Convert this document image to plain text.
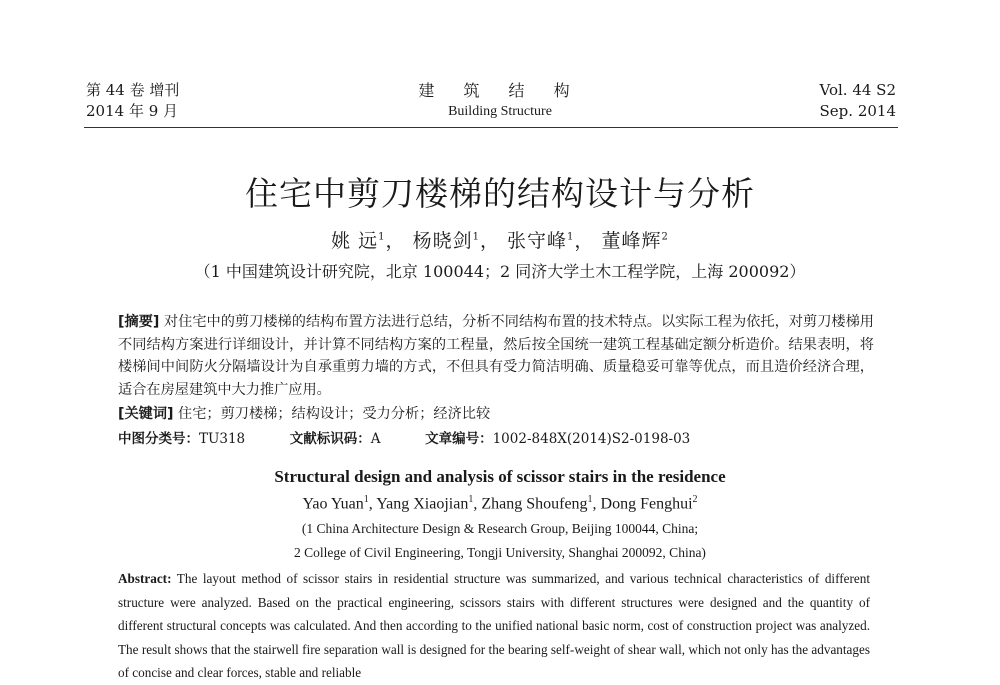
第 44 卷 增刊
2014 年 9 月
建 筑 结 构
Building Structure
Vol. 44 S2
Sep. 2014
住宅中剪刀楼梯的结构设计与分析
姚 远$^1$， 杨晓剑$^1$， 张守峰$^1$， 董峰辉$^2$
（1 中国建筑设计研究院，北京 100044；2 同济大学土木工程学院，上海 200092）
[摘要] 对住宅中的剪刀楼梯的结构布置方法进行总结，分析不同结构布置的技术特点。以实际工程为依托，对剪刀楼梯用不同结构方案进行详细设计，并计算不同结构方案的工程量，然后按全国统一建筑工程基础定额分析造价。结果表明，将楼梯间中间防火分隔墙设计为自承重剪力墙的方式，不但具有受力简洁明确、质量稳妥可靠等优点，而且造价经济合理，适合在房屋建筑中大力推广应用。
[关键词] 住宅；剪刀楼梯；结构设计；受力分析；经济比较
中图分类号：TU318	文献标识码：A	文章编号：1002-848X(2014)S2-0198-03
Structural design and analysis of scissor stairs in the residence
Yao Yuan$^1$, Yang Xiaojian$^1$, Zhang Shoufeng$^1$, Dong Fenghui$^2$
(1 China Architecture Design & Research Group, Beijing 100044, China;
2 College of Civil Engineering, Tongji University, Shanghai 200092, China)
Abstract: The layout method of scissor stairs in residential structure was summarized, and various technical characteristics of different structure were analyzed. Based on the practical engineering, scissors stairs with different structures were designed and the quantity of different structural concepts was calculated. And then according to the unified national basic norm, cost of construction project was analyzed. The result shows that the stairwell fire separation wall is designed for the bearing self-weight of shear wall, which not only has the advantages of concise and clear forces, stable and reliable
